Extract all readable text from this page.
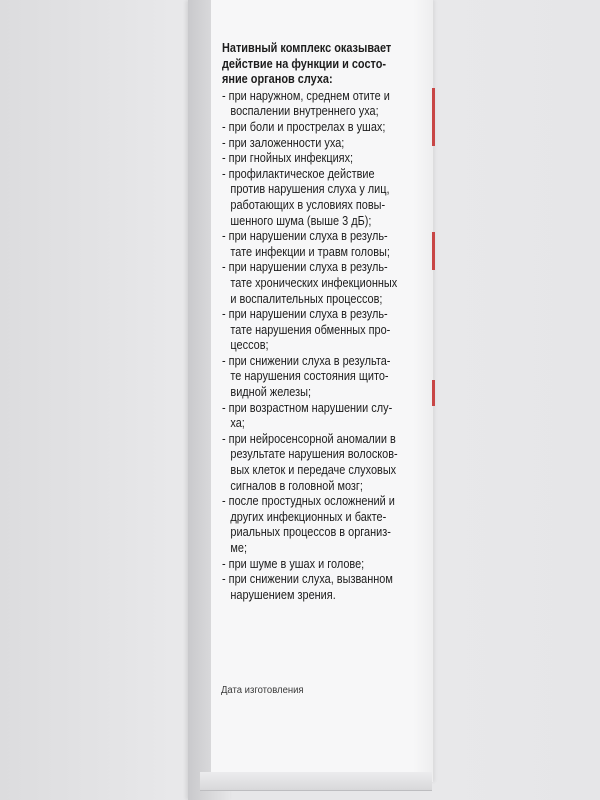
Нативный комплекс оказывает
действие на функции и состо-
яние органов слуха:
- при наружном, среднем отите и
воспалении внутреннего уха;
- при боли и прострелах в ушах;
- при заложенности уха;
- при гнойных инфекциях;
- профилактическое действие
против нарушения слуха у лиц,
работающих в условиях повы-
шенного шума (выше 3 дБ);
- при нарушении слуха в резуль-
тате инфекции и травм головы;
- при нарушении слуха в резуль-
тате хронических инфекционных
и воспалительных процессов;
- при нарушении слуха в резуль-
тате нарушения обменных про-
цессов;
- при снижении слуха в результа-
те нарушения состояния щито-
видной железы;
- при возрастном нарушении слу-
ха;
- при нейросенсорной аномалии в
результате нарушения волосков-
вых клеток и передаче слуховых
сигналов в головной мозг;
- после простудных осложнений и
других инфекционных и бакте-
риальных процессов в организ-
ме;
- при шуме в ушах и голове;
- при снижении слуха, вызванном
нарушением зрения.
Дата изготовления
